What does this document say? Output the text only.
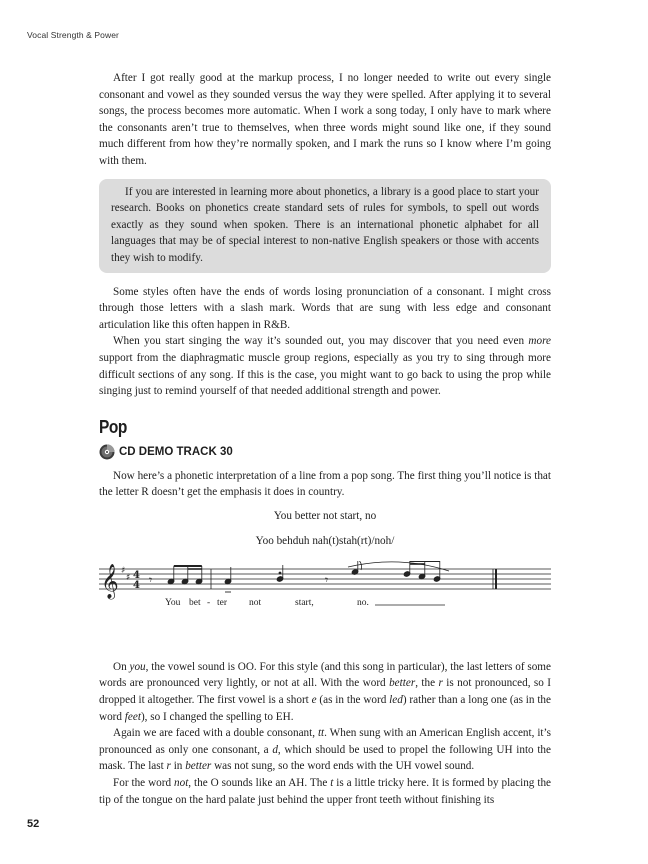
Vocal Strength & Power

After I got really good at the markup process, I no longer needed to write out every single consonant and vowel as they sounded versus the way they were spelled. After applying it to several songs, the process becomes more automatic. When I work a song today, I only have to mark where the consonants aren’t true to themselves, when three words might sound like one, if they sound much different from how they’re normally spoken, and I mark the runs so I know where I’m going with them.

If you are interested in learning more about phonetics, a library is a good place to start your research. Books on phonetics create standard sets of rules for symbols, to spell out words exactly as they sound when spoken. There is an international phonetic alphabet for all languages that may be of special interest to non-native English speakers or those with accents they wish to modify.

Some styles often have the ends of words losing pronunciation of a consonant. I might cross through those letters with a slash mark. Words that are sung with less edge and consonant articulation like this often happen in R&B.

When you start singing the way it’s sounded out, you may discover that you need even more support from the diaphragmatic muscle group regions, especially as you try to sing through more difficult sections of any song. If this is the case, you might want to go back to using the prop while singing just to remind yourself of that needed additional strength and power.

Pop
CD DEMO TRACK 30

Now here’s a phonetic interpretation of a line from a pop song. The first thing you’ll notice is that the letter R doesn’t get the emphasis it does in country.

You better not start, no
Yoo behduh nah(t)stah(rt)/noh/
𝄞 ♯
♯ 4
4 𝄾	𝄾
You bet - ter not	start,	no.

On you, the vowel sound is OO. For this style (and this song in particular), the last letters of some words are pronounced very lightly, or not at all. With the word better, the r is not pronounced, so I dropped it altogether. The first vowel is a short e (as in the word led) rather than a long one (as in the word feet), so I changed the spelling to EH.

Again we are faced with a double consonant, tt. When sung with an American English accent, it’s pronounced as only one consonant, a d, which should be used to propel the following UH into the mask. The last r in better was not sung, so the word ends with the UH vowel sound.

For the word not, the O sounds like an AH. The t is a little tricky here. It is formed by placing the tip of the tongue on the hard palate just behind the upper front teeth without finishing its

52
